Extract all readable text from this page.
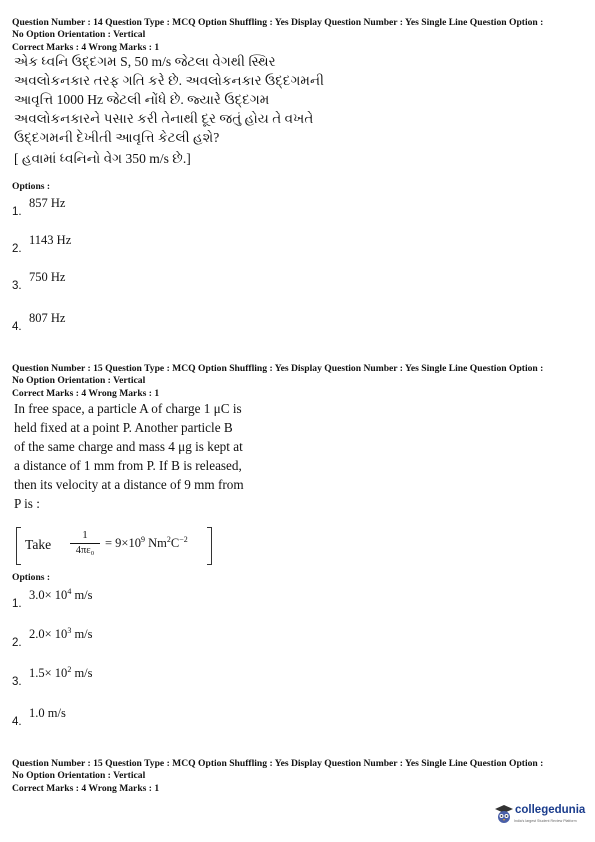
Question Number : 14 Question Type : MCQ Option Shuffling : Yes Display Question Number : Yes Single Line Question Option :
No Option Orientation : Vertical
Correct Marks : 4 Wrong Marks : 1
એક ધ્વનિ ઉદ્દગમ S, 50 m/s જેટલા વેગથી સ્થિર
અવલોકનકાર તરફ ગતિ કરે છે. અવલોકનકાર ઉદ્દગમની
આવૃત્તિ 1000 Hz જેટલી નોંધે છે. જ્યારે ઉદ્દગમ
અવલોકનકારને પસાર કરી તેનાથી દૂર જતું હોય તે વખતે
ઉદ્દગમની દેખીતી આવૃત્તિ કેટલી હશે?
[ હવામાં ધ્વનિનો વેગ 350 m/s છે.]
Options :
1.
857 Hz
2.
1143 Hz
3.
750 Hz
4.
807 Hz
Question Number : 15 Question Type : MCQ Option Shuffling : Yes Display Question Number : Yes Single Line Question Option :
No Option Orientation : Vertical
Correct Marks : 4 Wrong Marks : 1
In free space, a particle A of charge 1 μC is
held fixed at a point P. Another particle B
of the same charge and mass 4 μg is kept at
a distance of 1 mm from P. If B is released,
then its velocity at a distance of 9 mm from
P is :
Take
1
4πε₀
= $9\times 10^9$ $Nm^2C^{-2}$
Options :
1.
$3.0\times 10^4$ m/s
2.
$2.0\times 10^3$ m/s
3.
$1.5\times 10^2$ m/s
4.
1.0 m/s
Question Number : 15 Question Type : MCQ Option Shuffling : Yes Display Question Number : Yes Single Line Question Option :
No Option Orientation : Vertical
Correct Marks : 4 Wrong Marks : 1
collegedunia
India's largest Student Review Platform
